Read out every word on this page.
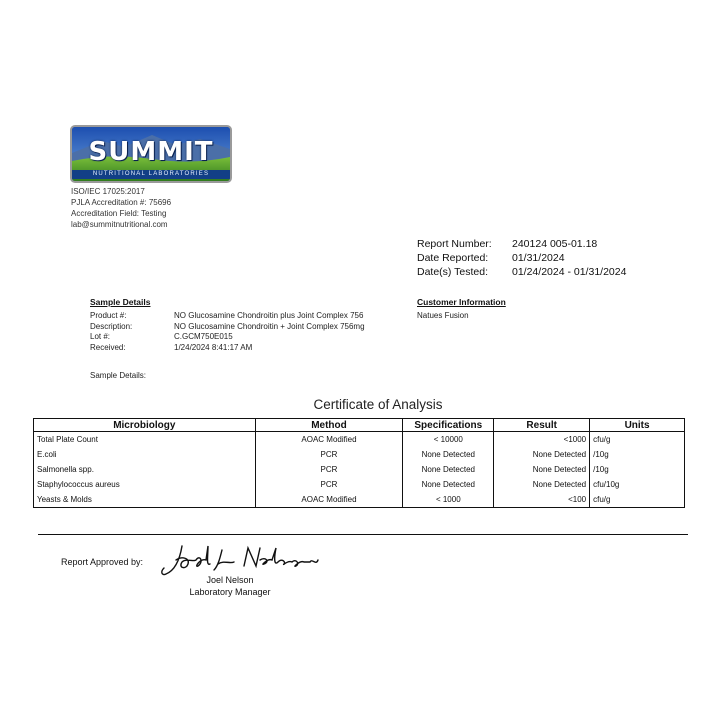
SUMMIT
NUTRITIONAL LABORATORIES
ISO/IEC 17025:2017
PJLA Accreditation #: 75696
Accreditation Field: Testing
lab@summitnutritional.com
Report Number: 240124 005-01.18
Date Reported: 01/31/2024
Date(s) Tested: 01/24/2024 - 01/31/2024
Sample Details
Product #:	NO Glucosamine Chondroitin plus Joint Complex 756
Description:	NO Glucosamine Chondroitin + Joint Complex 756mg
Lot #:	C.GCM750E015
Received:	1/24/2024 8:41:17 AM
Sample Details:
Customer Information
Natues Fusion
Certificate of Analysis
Microbiology	Method	Specifications	Result	Units
Total Plate Count	AOAC Modified	< 10000	<1000	cfu/g
E.coli	PCR	None Detected	None Detected	/10g
Salmonella spp.	PCR	None Detected	None Detected	/10g
Staphylococcus aureus	PCR	None Detected	None Detected	cfu/10g
Yeasts & Molds	AOAC Modified	< 1000	<100	cfu/g
Report Approved by:
Joel L Nelson
Joel Nelson
Laboratory Manager
